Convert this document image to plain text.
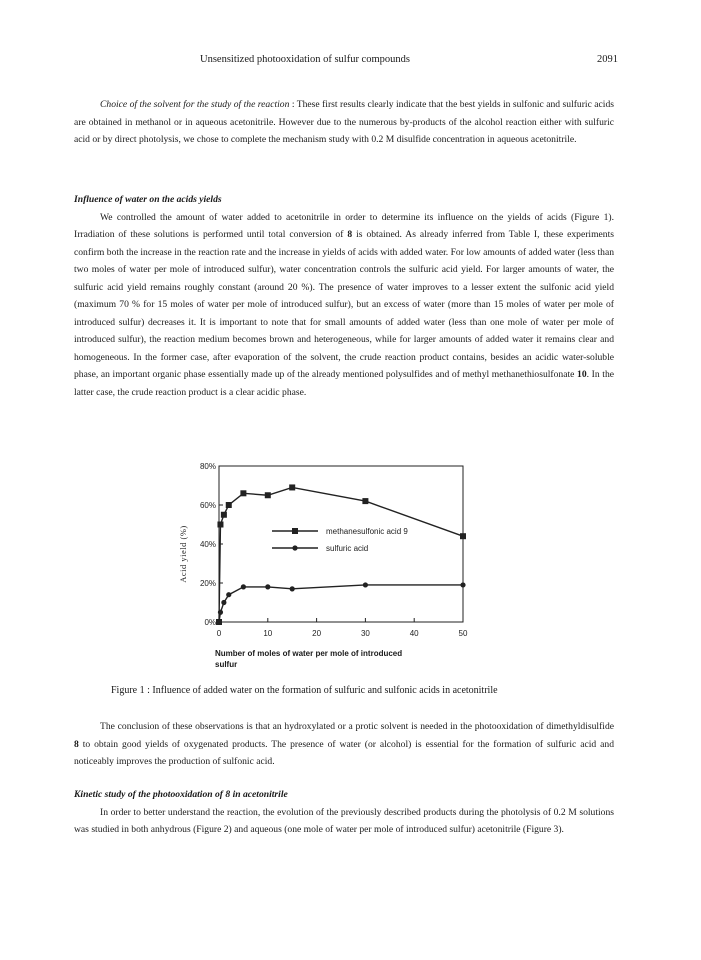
Unsensitized photooxidation of sulfur compounds	2091

Choice of the solvent for the study of the reaction : These first results clearly indicate that the best yields in sulfonic and sulfuric acids are obtained in methanol or in aqueous acetonitrile. However due to the numerous by-products of the alcohol reaction either with sulfuric acid or by direct photolysis, we chose to complete the mechanism study with 0.2 M disulfide concentration in aqueous acetonitrile.

Influence of water on the acids yields

We controlled the amount of water added to acetonitrile in order to determine its influence on the yields of acids (Figure 1). Irradiation of these solutions is performed until total conversion of 8 is obtained. As already inferred from Table I, these experiments confirm both the increase in the reaction rate and the increase in yields of acids with added water. For low amounts of added water (less than two moles of water per mole of introduced sulfur), water concentration controls the sulfuric acid yield. For larger amounts of water, the sulfuric acid yield remains roughly constant (around 20 %). The presence of water improves to a lesser extent the sulfonic acid yield (maximum 70 % for 15 moles of water per mole of introduced sulfur), but an excess of water (more than 15 moles of water per mole of introduced sulfur) decreases it. It is important to note that for small amounts of added water (less than one mole of water per mole of introduced sulfur), the reaction medium becomes brown and heterogeneous, while for larger amounts of added water it remains clear and homogeneous. In the former case, after evaporation of the solvent, the crude reaction product contains, besides an acidic water-soluble phase, an important organic phase essentially made up of the already mentioned polysulfides and of methyl methanethiosulfonate 10. In the latter case, the crude reaction product is a clear acidic phase.

0	10	20	30	40	50
0%
20%
40%
60%
80%
Acid yield (%)	methanesulfonic acid 9
sulfuric acid
Number of moles of water per mole of introduced
sulfur
Figure 1 : Influence of added water on the formation of sulfuric and sulfonic acids in acetonitrile

The conclusion of these observations is that an hydroxylated or a protic solvent is needed in the photooxidation of dimethyldisulfide 8 to obtain good yields of oxygenated products. The presence of water (or alcohol) is essential for the formation of sulfuric acid and noticeably improves the production of sulfonic acid.

Kinetic study of the photooxidation of 8 in acetonitrile

In order to better understand the reaction, the evolution of the previously described products during the photolysis of 0.2 M solutions was studied in both anhydrous (Figure 2) and aqueous (one mole of water per mole of introduced sulfur) acetonitrile (Figure 3).
